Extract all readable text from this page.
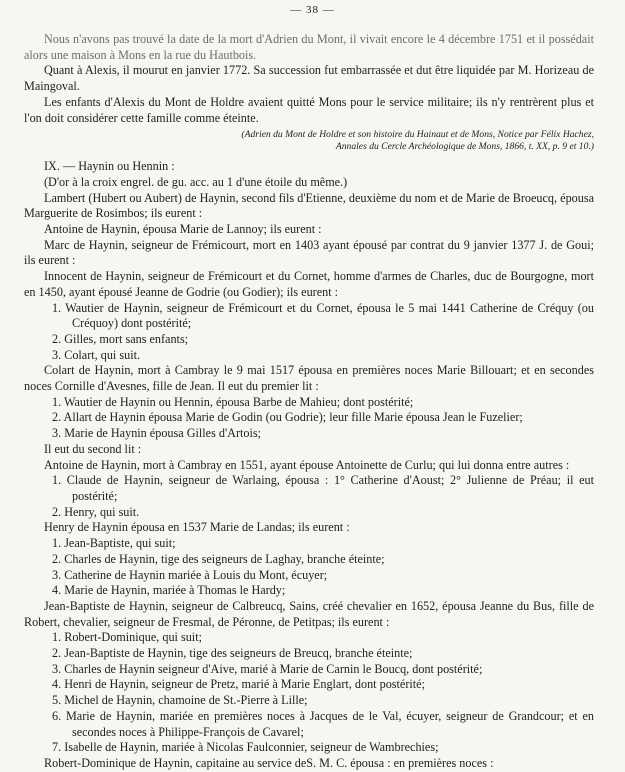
— 38 —

Nous n'avons pas trouvé la date de la mort d'Adrien du Mont, il vivait encore le 4 décembre 1751 et il possédait alors une maison à Mons en la rue du Hautbois.

Quant à Alexis, il mourut en janvier 1772. Sa succession fut embarrassée et dut être liquidée par M. Horizeau de Maingoval.

Les enfants d'Alexis du Mont de Holdre avaient quitté Mons pour le service militaire; ils n'y rentrèrent plus et l'on doit considérer cette famille comme éteinte.

(Adrien du Mont de Holdre et son histoire du Hainaut et de Mons, Notice par Félix Hachez,

Annales du Cercle Archéologique de Mons, 1866, t. XX, p. 9 et 10.)

IX. — Haynin ou Hennin :

(D'or à la croix engrel. de gu. acc. au 1 d'une étoile du même.)

Lambert (Hubert ou Aubert) de Haynin, second fils d'Etienne, deuxième du nom et de Marie de Broeucq, épousa Marguerite de Rosimbos; ils eurent :

Antoine de Haynin, épousa Marie de Lannoy; ils eurent :

Marc de Haynin, seigneur de Frémicourt, mort en 1403 ayant épousé par contrat du 9 janvier 1377 J. de Goui; ils eurent :

Innocent de Haynin, seigneur de Frémicourt et du Cornet, homme d'armes de Charles, duc de Bourgogne, mort en 1450, ayant épousé Jeanne de Godrie (ou Godier); ils eurent :

1. Wautier de Haynin, seigneur de Frémicourt et du Cornet, épousa le 5 mai 1441 Catherine de Créquy (ou Créquoy) dont postérité;

2. Gilles, mort sans enfants;

3. Colart, qui suit.

Colart de Haynin, mort à Cambray le 9 mai 1517 épousa en premières noces Marie Billouart; et en secondes noces Cornille d'Avesnes, fille de Jean. Il eut du premier lit :

1. Wautier de Haynin ou Hennin, épousa Barbe de Mahieu; dont postérité;

2. Allart de Haynin épousa Marie de Godin (ou Godrie); leur fille Marie épousa Jean le Fuzelier;

3. Marie de Haynin épousa Gilles d'Artois;

Il eut du second lit :

Antoine de Haynin, mort à Cambray en 1551, ayant épouse Antoinette de Curlu; qui lui donna entre autres :

1. Claude de Haynin, seigneur de Warlaing, épousa : 1° Catherine d'Aoust; 2° Julienne de Préau; il eut postérité;

2. Henry, qui suit.

Henry de Haynin épousa en 1537 Marie de Landas; ils eurent :

1. Jean-Baptiste, qui suit;

2. Charles de Haynin, tige des seigneurs de Laghay, branche éteinte;

3. Catherine de Haynin mariée à Louis du Mont, écuyer;

4. Marie de Haynin, mariée à Thomas le Hardy;

Jean-Baptiste de Haynin, seigneur de Calbreucq, Sains, créé chevalier en 1652, épousa Jeanne du Bus, fille de Robert, chevalier, seigneur de Fresmal, de Péronne, de Petitpas; ils eurent :

1. Robert-Dominique, qui suit;

2. Jean-Baptiste de Haynin, tige des seigneurs de Breucq, branche éteinte;

3. Charles de Haynin seigneur d'Aive, marié à Marie de Carnin le Boucq, dont postérité;

4. Henri de Haynin, seigneur de Pretz, marié à Marie Englart, dont postérité;

5. Michel de Haynin, chamoine de St.-Pierre à Lille;

6. Marie de Haynin, mariée en premières noces à Jacques de le Val, écuyer, seigneur de Grandcour; et en secondes noces à Philippe-François de Cavarel;

7. Isabelle de Haynin, mariée à Nicolas Faulconnier, seigneur de Wambrechies;

Robert-Dominique de Haynin, capitaine au service deS. M. C. épousa : en premières noces :
